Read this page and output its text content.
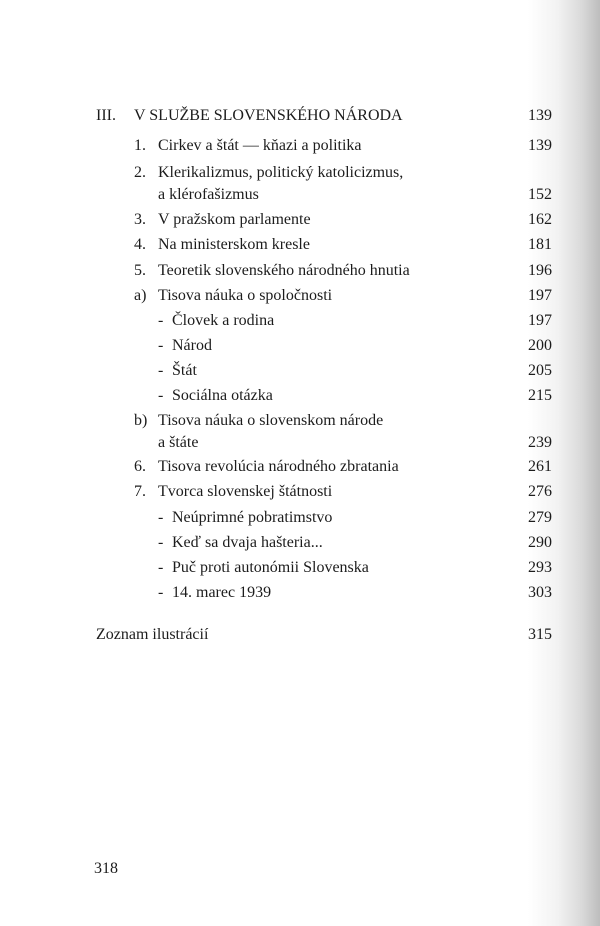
III. V SLUŽBE SLOVENSKÉHO NÁRODA	139
1. Cirkev a štát — kňazi a politika	139
2. Klerikalizmus, politický katolicizmus,
a klérofašizmus	152
3. V pražskom parlamente	162
4. Na ministerskom kresle	181
5. Teoretik slovenského národného hnutia	196
a) Tisova náuka o spoločnosti	197
- Človek a rodina	197
- Národ	200
- Štát	205
- Sociálna otázka	215
b) Tisova náuka o slovenskom národe
a štáte	239
6. Tisova revolúcia národného zbratania	261
7. Tvorca slovenskej štátnosti	276
- Neúprimné pobratimstvo	279
- Keď sa dvaja hašteria...	290
- Puč proti autonómii Slovenska	293
- 14. marec 1939	303
Zoznam ilustrácií	315
318
